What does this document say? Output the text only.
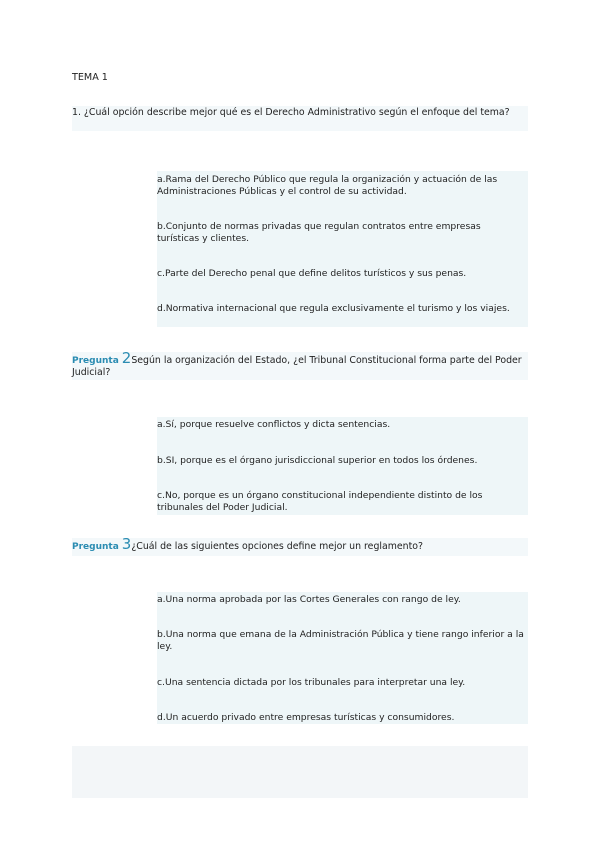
TEMA 1
1. ¿Cuál opción describe mejor qué es el Derecho Administrativo según el enfoque del tema?
a.Rama del Derecho Público que regula la organización y actuación de las Administraciones Públicas y el control de su actividad.
b.Conjunto de normas privadas que regulan contratos entre empresas turísticas y clientes.
c.Parte del Derecho penal que define delitos turísticos y sus penas.
d.Normativa internacional que regula exclusivamente el turismo y los viajes.
Pregunta 2Según la organización del Estado, ¿el Tribunal Constitucional forma parte del Poder Judicial?
a.Sí, porque resuelve conflictos y dicta sentencias.
b.SI, porque es el órgano jurisdiccional superior en todos los órdenes.
c.No, porque es un órgano constitucional independiente distinto de los tribunales del Poder Judicial.
Pregunta 3¿Cuál de las siguientes opciones define mejor un reglamento?
a.Una norma aprobada por las Cortes Generales con rango de ley.
b.Una norma que emana de la Administración Pública y tiene rango inferior a la ley.
c.Una sentencia dictada por los tribunales para interpretar una ley.
d.Un acuerdo privado entre empresas turísticas y consumidores.
